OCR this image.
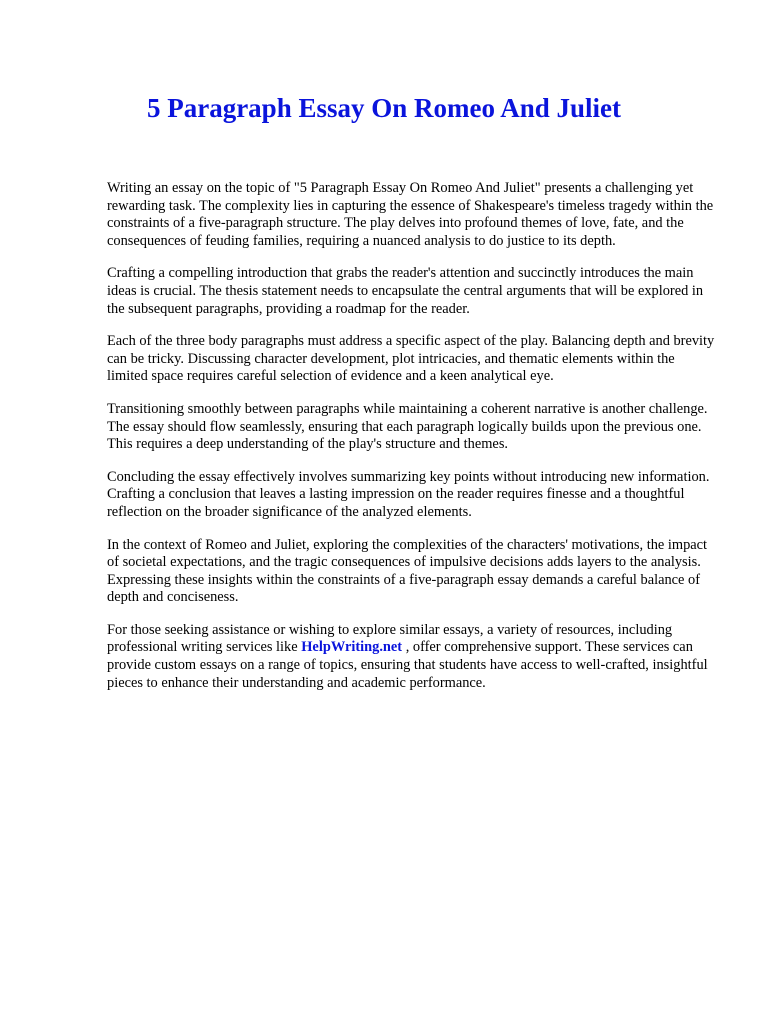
5 Paragraph Essay On Romeo And Juliet

Writing an essay on the topic of "5 Paragraph Essay On Romeo And Juliet" presents a challenging yet rewarding task. The complexity lies in capturing the essence of Shakespeare's timeless tragedy within the constraints of a five-paragraph structure. The play delves into profound themes of love, fate, and the consequences of feuding families, requiring a nuanced analysis to do justice to its depth.

Crafting a compelling introduction that grabs the reader's attention and succinctly introduces the main ideas is crucial. The thesis statement needs to encapsulate the central arguments that will be explored in the subsequent paragraphs, providing a roadmap for the reader.

Each of the three body paragraphs must address a specific aspect of the play. Balancing depth and brevity can be tricky. Discussing character development, plot intricacies, and thematic elements within the limited space requires careful selection of evidence and a keen analytical eye.

Transitioning smoothly between paragraphs while maintaining a coherent narrative is another challenge. The essay should flow seamlessly, ensuring that each paragraph logically builds upon the previous one. This requires a deep understanding of the play's structure and themes.

Concluding the essay effectively involves summarizing key points without introducing new information. Crafting a conclusion that leaves a lasting impression on the reader requires finesse and a thoughtful reflection on the broader significance of the analyzed elements.

In the context of Romeo and Juliet, exploring the complexities of the characters' motivations, the impact of societal expectations, and the tragic consequences of impulsive decisions adds layers to the analysis. Expressing these insights within the constraints of a five-paragraph essay demands a careful balance of depth and conciseness.

For those seeking assistance or wishing to explore similar essays, a variety of resources, including professional writing services like HelpWriting.net , offer comprehensive support. These services can provide custom essays on a range of topics, ensuring that students have access to well-crafted, insightful pieces to enhance their understanding and academic performance.
